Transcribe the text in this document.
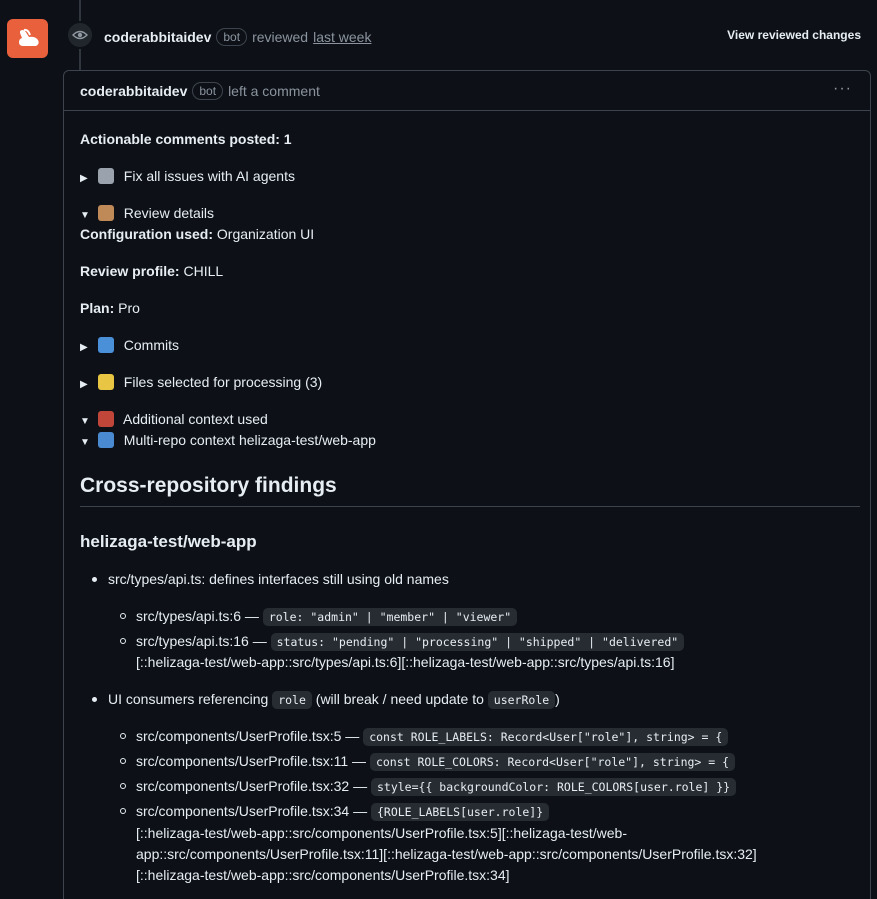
coderabbitaidev	bot reviewed last week	View reviewed changes
coderabbitaidev	bot left a comment	···
Actionable comments posted: 1
▶	Fix all issues with AI agents
▼ Review details
Configuration used: Organization UI
Review profile: CHILL
Plan: Pro
▶	Commits
▶	Files selected for processing (3)
▼ Additional context used
▼ Multi-repo context helizaga-test/web-app
Cross-repository findings
helizaga-test/web-app
src/types/api.ts: defines interfaces still using old names
src/types/api.ts:6 — role: "admin" | "member" | "viewer"
src/types/api.ts:16 — status: "pending" | "processing" | "shipped" | "delivered"
[::helizaga-test/web-app::src/types/api.ts:6][::helizaga-test/web-app::src/types/api.ts:16]
UI consumers referencing role (will break / need update to userRole )
src/components/UserProfile.tsx:5 — const ROLE_LABELS: Record<User["role"], string> = {
src/components/UserProfile.tsx:11 — const ROLE_COLORS: Record<User["role"], string> = {
src/components/UserProfile.tsx:32 — style={{ backgroundColor: ROLE_COLORS[user.role] }}
src/components/UserProfile.tsx:34 — {ROLE_LABELS[user.role]}
[::helizaga-test/web-app::src/components/UserProfile.tsx:5][::helizaga-test/web-
app::src/components/UserProfile.tsx:11][::helizaga-test/web-app::src/components/UserProfile.tsx:32]
[::helizaga-test/web-app::src/components/UserProfile.tsx:34]
